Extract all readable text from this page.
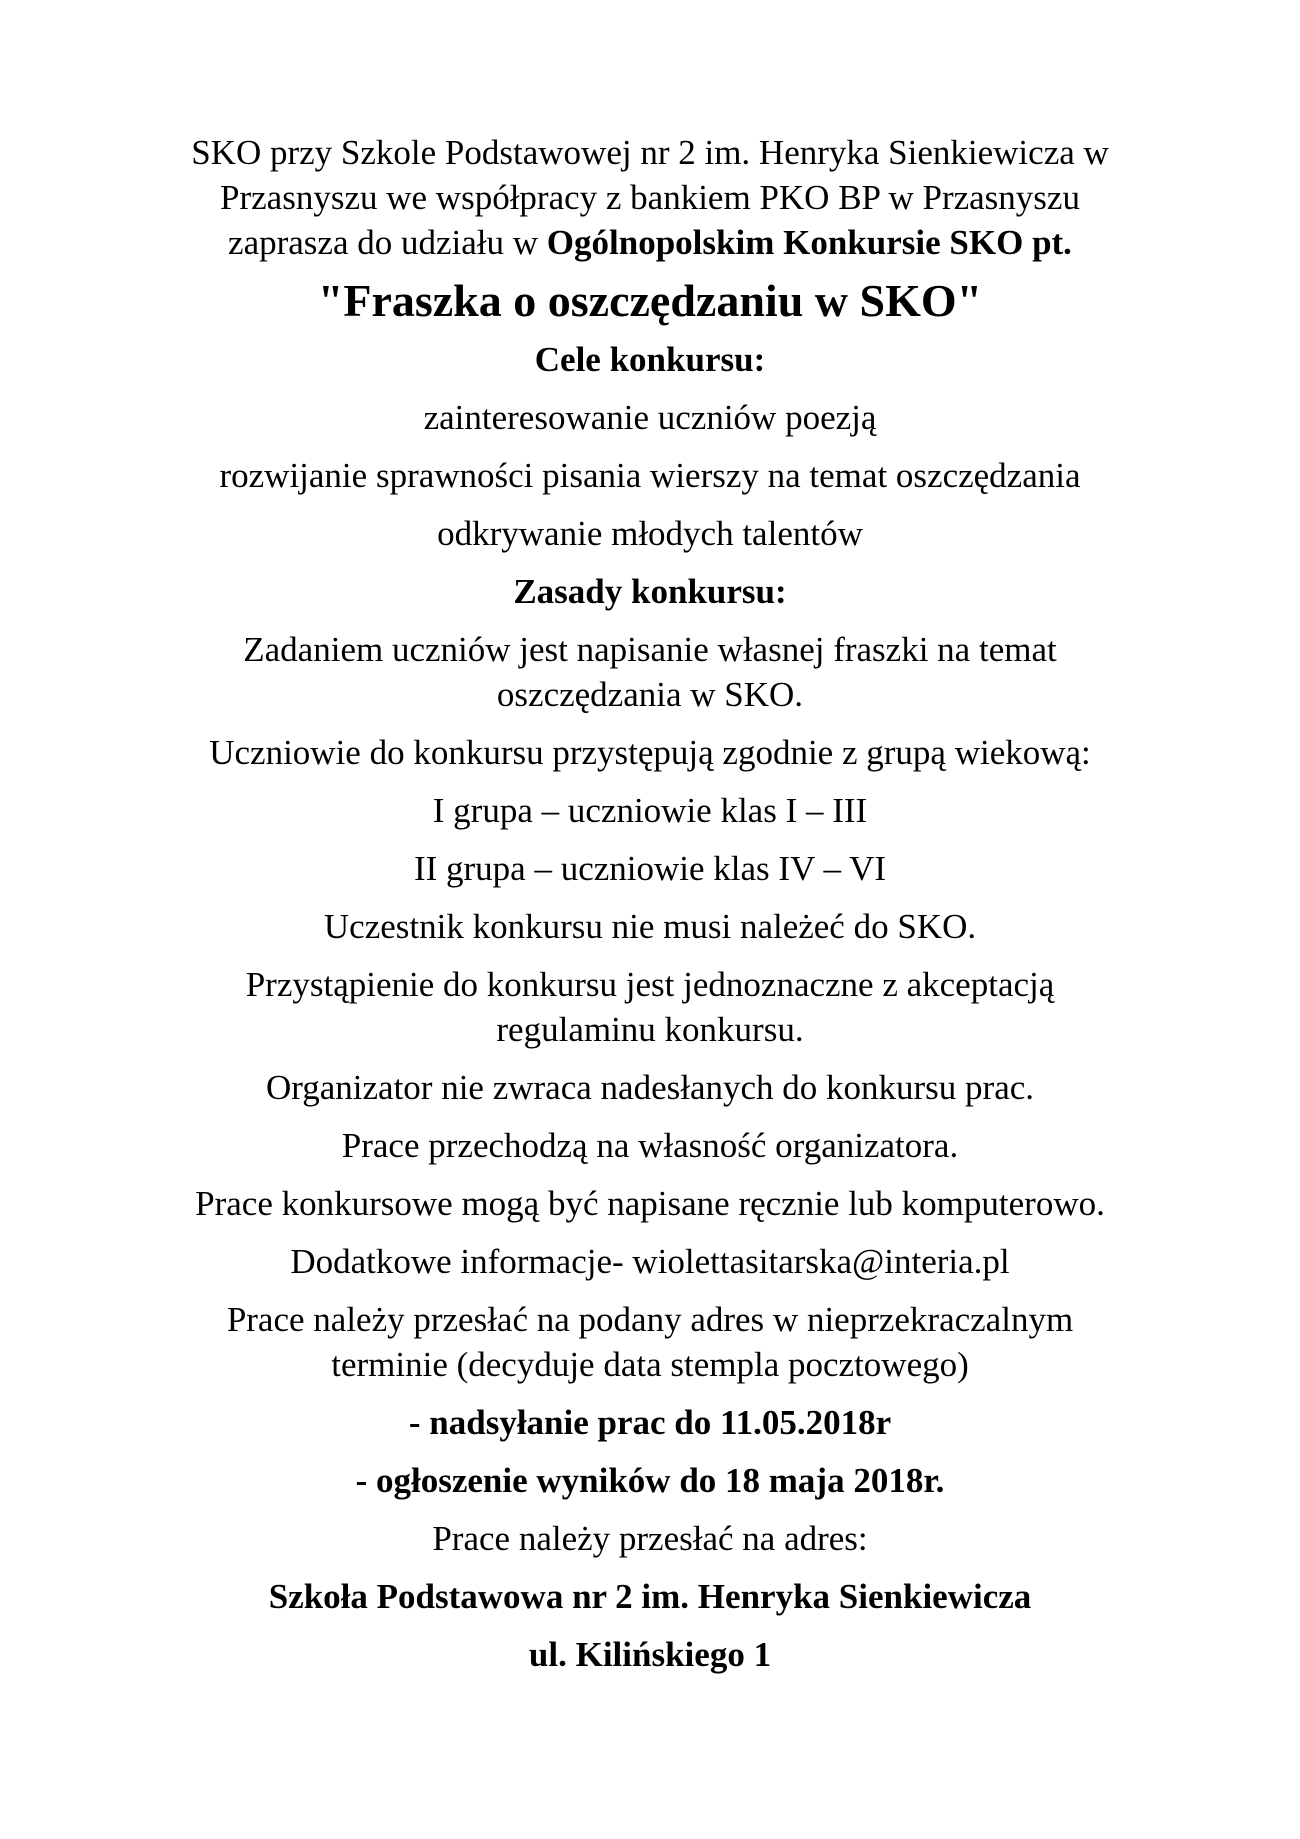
SKO przy Szkole Podstawowej nr 2 im. Henryka Sienkiewicza w
Przasnyszu we współpracy z bankiem PKO BP w Przasnyszu
zaprasza do udziału w Ogólnopolskim Konkursie SKO pt.
"Fraszka o oszczędzaniu w SKO"
Cele konkursu:
zainteresowanie uczniów poezją
rozwijanie sprawności pisania wierszy na temat oszczędzania
odkrywanie młodych talentów
Zasady konkursu:
Zadaniem uczniów jest napisanie własnej fraszki na temat
oszczędzania w SKO.
Uczniowie do konkursu przystępują zgodnie z grupą wiekową:
I grupa – uczniowie klas I – III
II grupa – uczniowie klas IV – VI
Uczestnik konkursu nie musi należeć do SKO.
Przystąpienie do konkursu jest jednoznaczne z akceptacją
regulaminu konkursu.
Organizator nie zwraca nadesłanych do konkursu prac.
Prace przechodzą na własność organizatora.
Prace konkursowe mogą być napisane ręcznie lub komputerowo.
Dodatkowe informacje- wiolettasitarska@interia.pl
Prace należy przesłać na podany adres w nieprzekraczalnym
terminie (decyduje data stempla pocztowego)
- nadsyłanie prac do 11.05.2018r
- ogłoszenie wyników do 18 maja 2018r.
Prace należy przesłać na adres:
Szkoła Podstawowa nr 2 im. Henryka Sienkiewicza
ul. Kilińskiego 1
